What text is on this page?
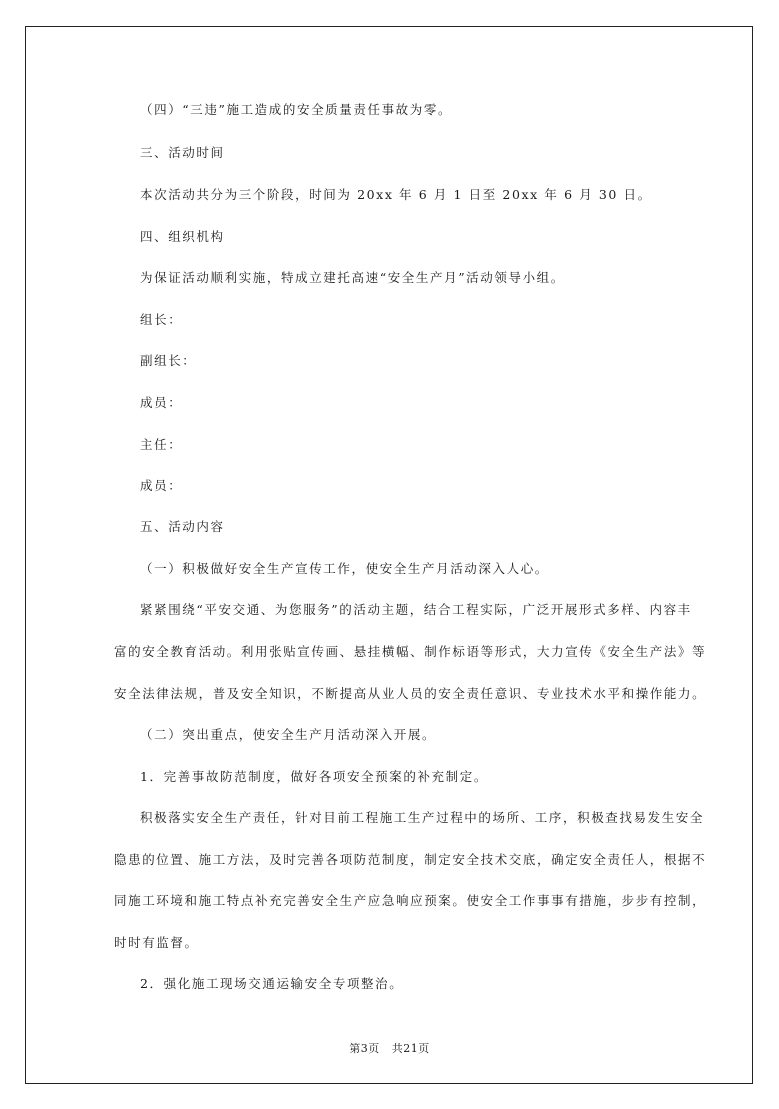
（四）“三违”施工造成的安全质量责任事故为零。
三、活动时间
本次活动共分为三个阶段，时间为 20xx 年 6 月 1 日至 20xx 年 6 月 30 日。
四、组织机构
为保证活动顺利实施，特成立建托高速“安全生产月”活动领导小组。
组长：
副组长：
成员：
主任：
成员：
五、活动内容
（一）积极做好安全生产宣传工作，使安全生产月活动深入人心。
紧紧围绕“平安交通、为您服务”的活动主题，结合工程实际，广泛开展形式多样、内容丰
富的安全教育活动。利用张贴宣传画、悬挂横幅、制作标语等形式，大力宣传《安全生产法》等
安全法律法规，普及安全知识，不断提高从业人员的安全责任意识、专业技术水平和操作能力。
（二）突出重点，使安全生产月活动深入开展。
1．完善事故防范制度，做好各项安全预案的补充制定。
积极落实安全生产责任，针对目前工程施工生产过程中的场所、工序，积极查找易发生安全
隐患的位置、施工方法，及时完善各项防范制度，制定安全技术交底，确定安全责任人，根据不
同施工环境和施工特点补充完善安全生产应急响应预案。使安全工作事事有措施，步步有控制，
时时有监督。
2．强化施工现场交通运输安全专项整治。
第3页 共21页
